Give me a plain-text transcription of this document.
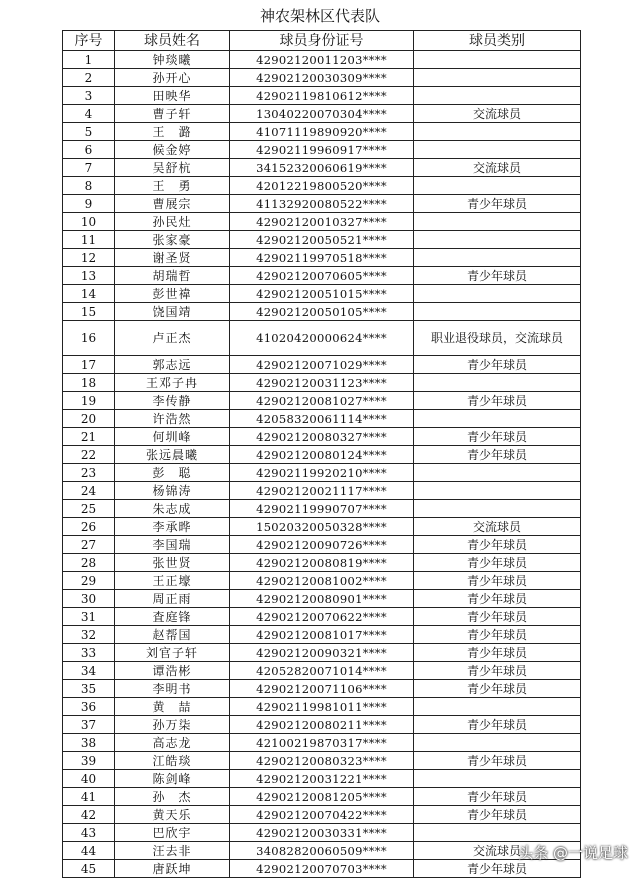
神农架林区代表队
序号	球员姓名	球员身份证号	球员类别
1	钟琰曦	42902120011203****	
2	孙开心	42902120030309****	
3	田映华	42902119810612****	
4	曹子轩	13040220070304****	交流球员
5	王　潞	41071119890920****	
6	候金婷	42902119960917****	
7	吴舒杭	34152320060619****	交流球员
8	王　勇	42012219800520****	
9	曹展宗	41132920080522****	青少年球员
10	孙民灶	42902120010327****	
11	张家豪	42902120050521****	
12	谢圣贤	42902119970518****	
13	胡瑞哲	42902120070605****	青少年球员
14	彭世禕	42902120051015****	
15	饶国靖	42902120050105****	
16	卢正杰	41020420000624****	职业退役球员，交流球员
17	郭志远	42902120071029****	青少年球员
18	王邓子冉	42902120031123****	
19	李传静	42902120081027****	青少年球员
20	许浩然	42058320061114****	
21	何圳峰	42902120080327****	青少年球员
22	张远晨曦	42902120080124****	青少年球员
23	彭　聪	42902119920210****	
24	杨锦涛	42902120021117****	
25	朱志成	42902119990707****	
26	李承晔	15020320050328****	交流球员
27	李国瑞	42902120090726****	青少年球员
28	张世贤	42902120080819****	青少年球员
29	王正壕	42902120081002****	青少年球员
30	周正雨	42902120080901****	青少年球员
31	査庭锋	42902120070622****	青少年球员
32	赵帮国	42902120081017****	青少年球员
33	刘官子轩	42902120090321****	青少年球员
34	谭浩彬	42052820071014****	青少年球员
35	李明书	42902120071106****	青少年球员
36	黄　喆	42902119981011****	
37	孙万柒	42902120080211****	青少年球员
38	高志龙	42100219870317****	
39	江皓琰	42902120080323****	青少年球员
40	陈剑峰	42902120031221****	
41	孙　杰	42902120081205****	青少年球员
42	黄天乐	42902120070422****	青少年球员
43	巴欣宇	42902120030331****	
44	汪去非	34082820060509****	交流球员
45	唐跃坤	42902120070703****	青少年球员
头条 @一说足球
